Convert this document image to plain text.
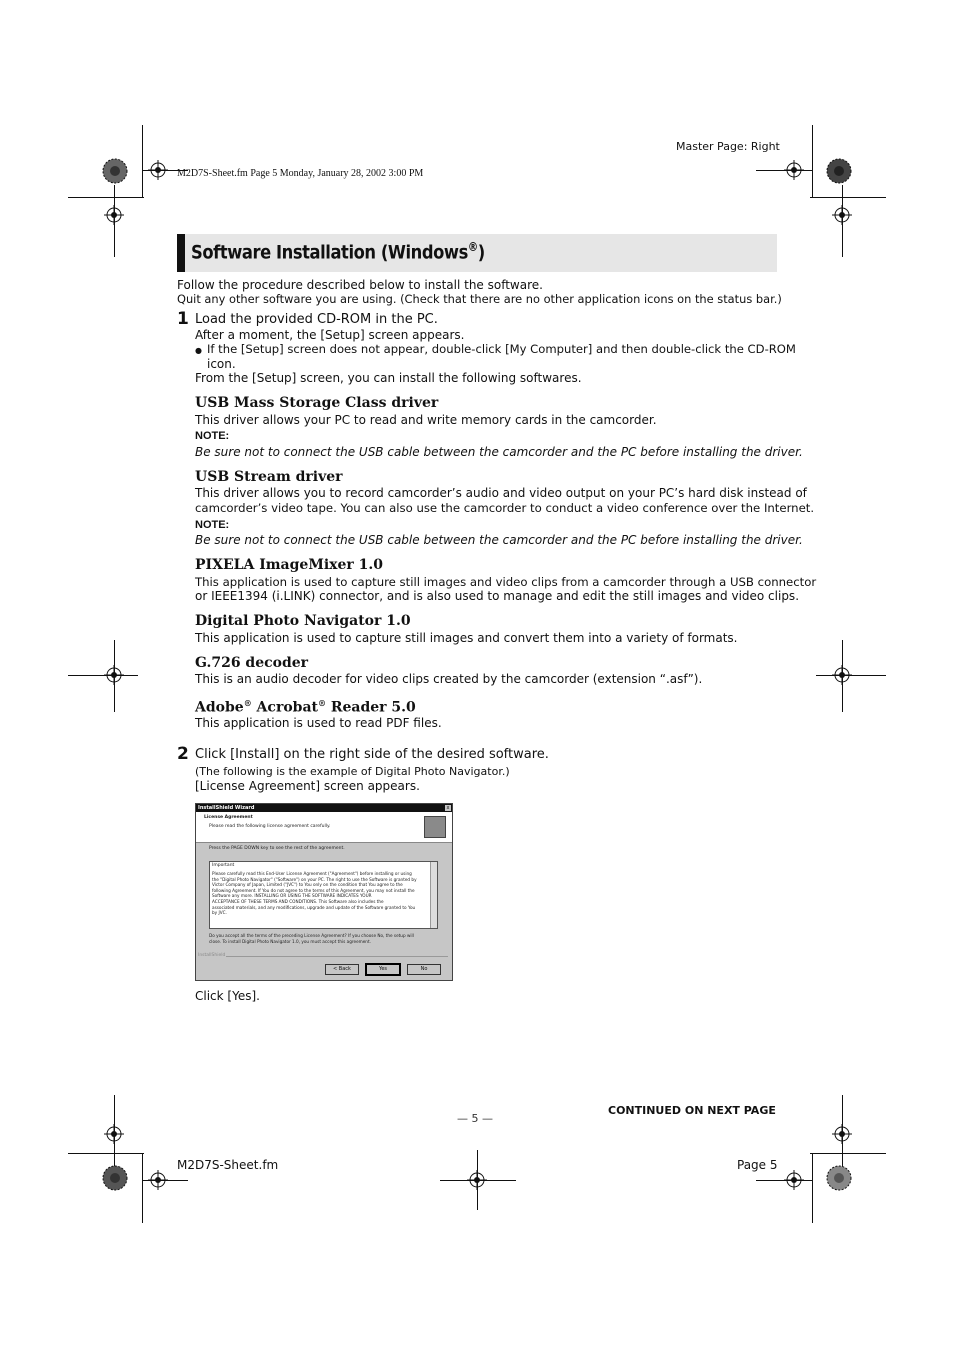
Master Page: Right
M2D7S-Sheet.fm Page 5 Monday, January 28, 2002 3:00 PM
Software Installation (Windows®)
Follow the procedure described below to install the software.
Quit any other software you are using. (Check that there are no other application icons on the status bar.)
1 Load the provided CD-ROM in the PC.
After a moment, the [Setup] screen appears.
● If the [Setup] screen does not appear, double-click [My Computer] and then double-click the CD-ROM
icon.
From the [Setup] screen, you can install the following softwares.
USB Mass Storage Class driver
This driver allows your PC to read and write memory cards in the camcorder.
NOTE:
Be sure not to connect the USB cable between the camcorder and the PC before installing the driver.
USB Stream driver
This driver allows you to record camcorder’s audio and video output on your PC’s hard disk instead of
camcorder’s video tape. You can also use the camcorder to conduct a video conference over the Internet.
NOTE:
Be sure not to connect the USB cable between the camcorder and the PC before installing the driver.
PIXELA ImageMixer 1.0
This application is used to capture still images and video clips from a camcorder through a USB connector
or IEEE1394 (i.LINK) connector, and is also used to manage and edit the still images and video clips.
Digital Photo Navigator 1.0
This application is used to capture still images and convert them into a variety of formats.
G.726 decoder
This is an audio decoder for video clips created by the camcorder (extension “.asf”).
Adobe® Acrobat® Reader 5.0
This application is used to read PDF files.
2 Click [Install] on the right side of the desired software.
(The following is the example of Digital Photo Navigator.)
[License Agreement] screen appears.
InstallShield Wizard	x
License Agreement
Please read the following license agreement carefully.
Press the PAGE DOWN key to see the rest of the agreement.
Important
Please carefully read this End-User License Agreement ("Agreement") before installing or using
the "Digital Photo Navigator" ("Software") on your PC. The right to use the Software is granted by
Victor Company of Japan, Limited ("JVC") to You only on the condition that You agree to the
following Agreement. If You do not agree to the terms of this Agreement, you may not install the
Software any more. INSTALLING OR USING THE SOFTWARE INDICATES YOUR
ACCEPTANCE OF THESE TERMS AND CONDITIONS. This Software also includes the
associated materials, and any modifications, upgrade and update of the Software granted to You
by JVC.
Do you accept all the terms of the preceding License Agreement? If you choose No, the setup will
close. To install Digital Photo Navigator 1.0, you must accept this agreement.
InstallShield
< Back	Yes	No
Click [Yes].
CONTINUED ON NEXT PAGE
— 5 —
M2D7S-Sheet.fm	Page 5
